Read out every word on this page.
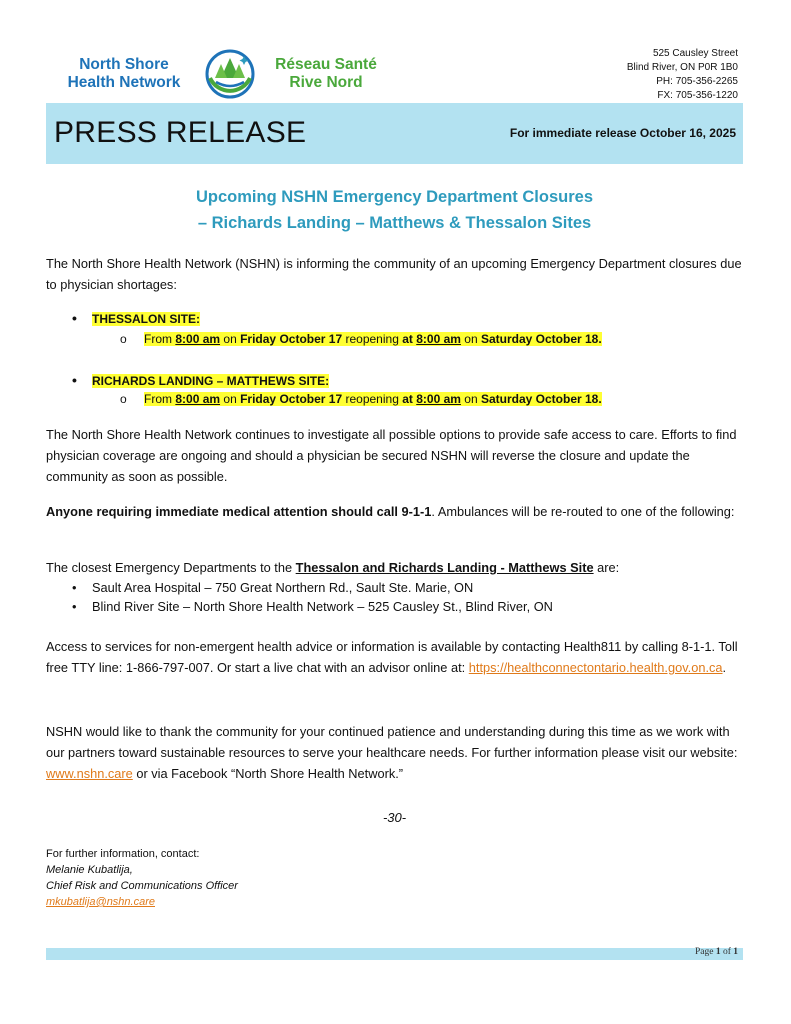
North Shore
Health Network
Réseau Santé
Rive Nord
525 Causley Street
Blind River, ON P0R 1B0
PH: 705-356-2265
FX: 705-356-1220
PRESS RELEASE	For immediate release October 16, 2025
Upcoming NSHN Emergency Department Closures
– Richards Landing – Matthews & Thessalon Sites
The North Shore Health Network (NSHN) is informing the community of an upcoming Emergency Department closures due to physician shortages:
• THESSALON SITE:
o From 8:00 am on Friday October 17 reopening at 8:00 am on Saturday October 18.
• RICHARDS LANDING – MATTHEWS SITE:
o From 8:00 am on Friday October 17 reopening at 8:00 am on Saturday October 18.
The North Shore Health Network continues to investigate all possible options to provide safe access to care. Efforts to find physician coverage are ongoing and should a physician be secured NSHN will reverse the closure and update the community as soon as possible.
Anyone requiring immediate medical attention should call 9-1-1. Ambulances will be re-routed to one of the following:
The closest Emergency Departments to the Thessalon and Richards Landing - Matthews Site are:
• Sault Area Hospital – 750 Great Northern Rd., Sault Ste. Marie, ON
• Blind River Site – North Shore Health Network – 525 Causley St., Blind River, ON
Access to services for non-emergent health advice or information is available by contacting Health811 by calling 8-1-1. Toll free TTY line: 1-866-797-007. Or start a live chat with an advisor online at: https://healthconnectontario.health.gov.on.ca.
NSHN would like to thank the community for your continued patience and understanding during this time as we work with our partners toward sustainable resources to serve your healthcare needs. For further information please visit our website: www.nshn.care or via Facebook “North Shore Health Network.”
-30-
For further information, contact:
Melanie Kubatlija,
Chief Risk and Communications Officer
mkubatlija@nshn.care
Page 1 of 1
